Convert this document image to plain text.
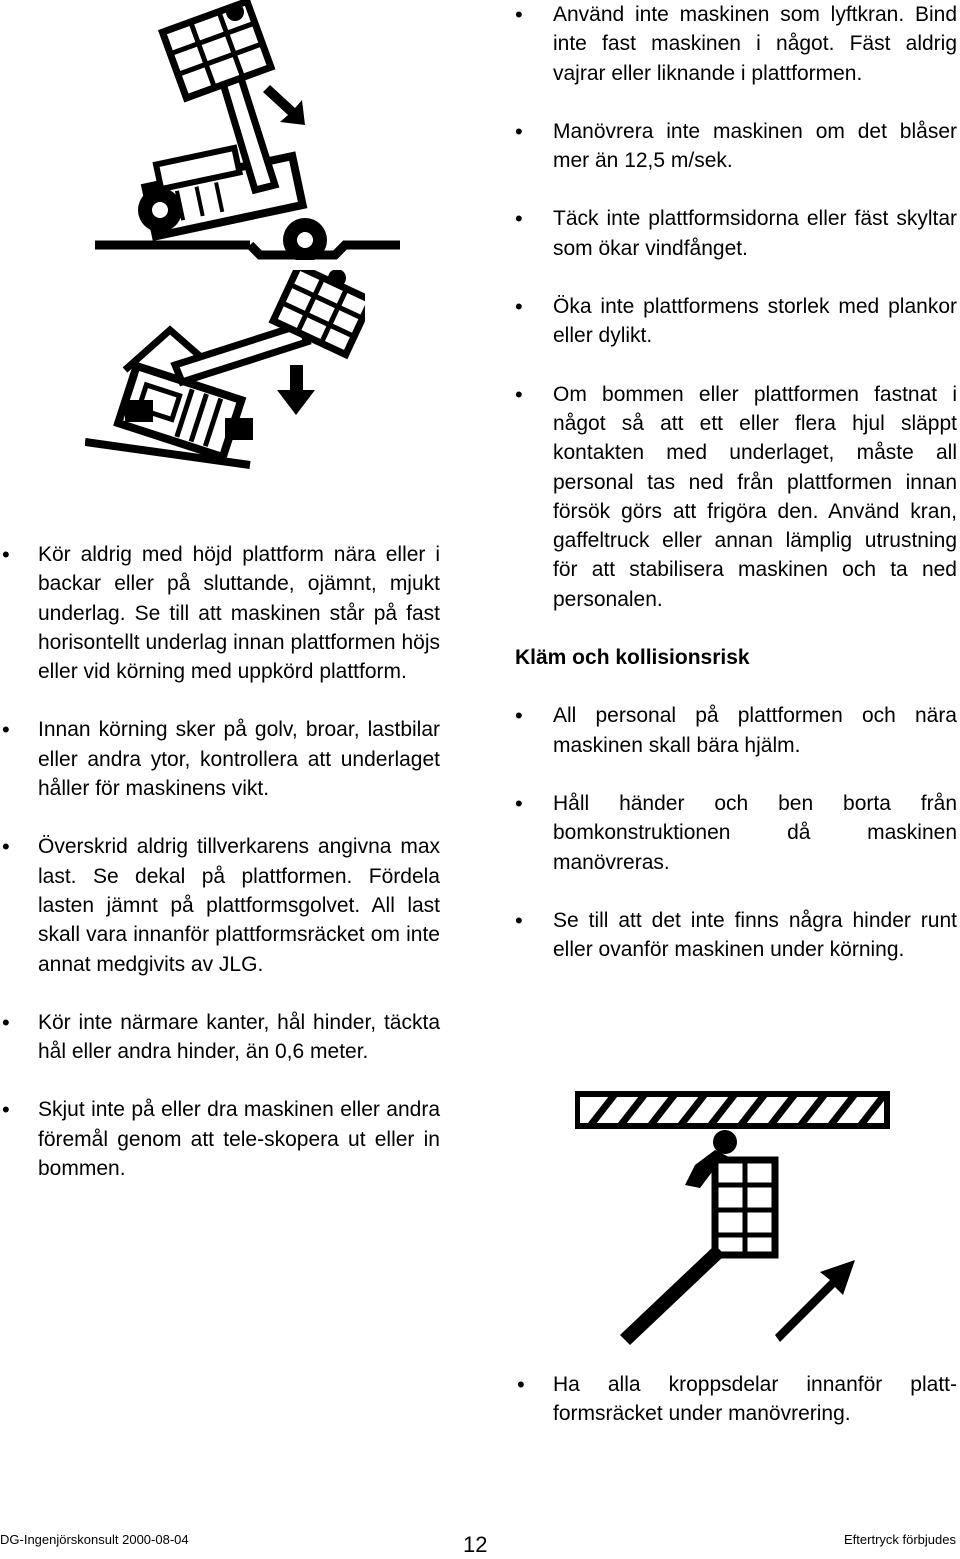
• Kör aldrig med höjd plattform nära eller i backar eller på sluttande, ojämnt, mjukt underlag. Se till att maskinen står på fast horisontellt underlag innan plattformen höjs eller vid körning med uppkörd plattform.

• Innan körning sker på golv, broar, lastbilar eller andra ytor, kontrollera att underlaget håller för maskinens vikt.

• Överskrid aldrig tillverkarens angivna max last. Se dekal på plattformen. Fördela lasten jämnt på plattformsgolvet. All last skall vara innanför plattformsräcket om inte annat medgivits av JLG.

• Kör inte närmare kanter, hål hinder, täckta hål eller andra hinder, än 0,6 meter.

• Skjut inte på eller dra maskinen eller andra föremål genom att tele-skopera ut eller in bommen.

• Använd inte maskinen som lyftkran. Bind inte fast maskinen i något. Fäst aldrig vajrar eller liknande i plattformen.

• Manövrera inte maskinen om det blåser mer än 12,5 m/sek.

• Täck inte plattformsidorna eller fäst skyltar som ökar vindfånget.

• Öka inte plattformens storlek med plankor eller dylikt.

• Om bommen eller plattformen fastnat i något så att ett eller flera hjul släppt kontakten med underlaget, måste all personal tas ned från plattformen innan försök görs att frigöra den. Använd kran, gaffeltruck eller annan lämplig utrustning för att stabilisera maskinen och ta ned personalen.

Kläm och kollisionsrisk

• All personal på plattformen och nära maskinen skall bära hjälm.

• Håll händer och ben borta från bomkonstruktionen då maskinen manövreras.

• Se till att det inte finns några hinder runt eller ovanför maskinen under körning.

• Ha alla kroppsdelar innanför platt-formsräcket under manövrering.

DG-Ingenjörskonsult 2000-08-04	12	Eftertryck förbjudes
